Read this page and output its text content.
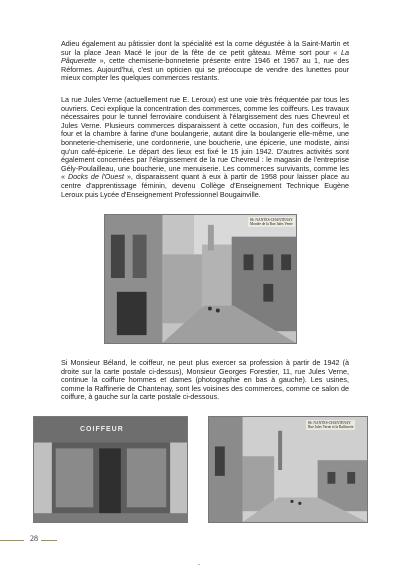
Adieu également au pâtissier dont la spécialité est la corne dégustée à la Saint-Martin et sur la place Jean Macé le jour de la fête de ce petit gâteau. Même sort pour « La Pâquerette », cette chemiserie-bonneterie présente entre 1946 et 1967 au 1, rue des Réformes. Aujourd'hui, c'est un opticien qui se préoccupe de vendre des lunettes pour mieux compter les quelques commerces restants.

La rue Jules Verne (actuellement rue E. Leroux) est une voie très fréquentée par tous les ouvriers. Ceci explique la concentration des commerces, comme les coiffeurs. Les travaux nécessaires pour le tunnel ferroviaire conduisent à l'élargissement des rues Chevreul et Jules Verne. Plusieurs commerces disparaissent à cette occasion, l'un des coiffeurs, le four et la chambre à farine d'une boulangerie, autant dire la boulangerie elle-même, une bonneterie-chemiserie, une cordonnerie, une boucherie, une épicerie, une modiste, ainsi qu'un café-épicerie. Le départ des lieux est fixé le 15 juin 1942. D'autres activités sont également concernées par l'élargissement de la rue Chevreul : le magasin de l'entreprise Gély-Poulailleau, une boucherie, une menuiserie. Les commerces survivants, comme les « Docks de l'Ouest », disparaissent quant à eux à partir de 1958 pour laisser place au centre d'apprentissage féminin, devenu Collège d'Enseignement Technique Eugène Leroux puis Lycée d'Enseignement Professionnel Bougainville.

86. NANTES-CHANTENAY
Montée de la Rue Jules Verne

Si Monsieur Béland, le coiffeur, ne peut plus exercer sa profession à partir de 1942 (à droite sur la carte postale ci-dessus), Monsieur Georges Forestier, 11, rue Jules Verne, continue la coiffure hommes et dames (photographie en bas à gauche). Les usines, comme la Raffinerie de Chantenay, sont les voisines des commerces, comme ce salon de coiffure, à gauche sur la carte postale ci-dessous.

COIFFEUR
86. NANTES-CHANTENAY
Rue Jules Verne et la Raffinerie
28
